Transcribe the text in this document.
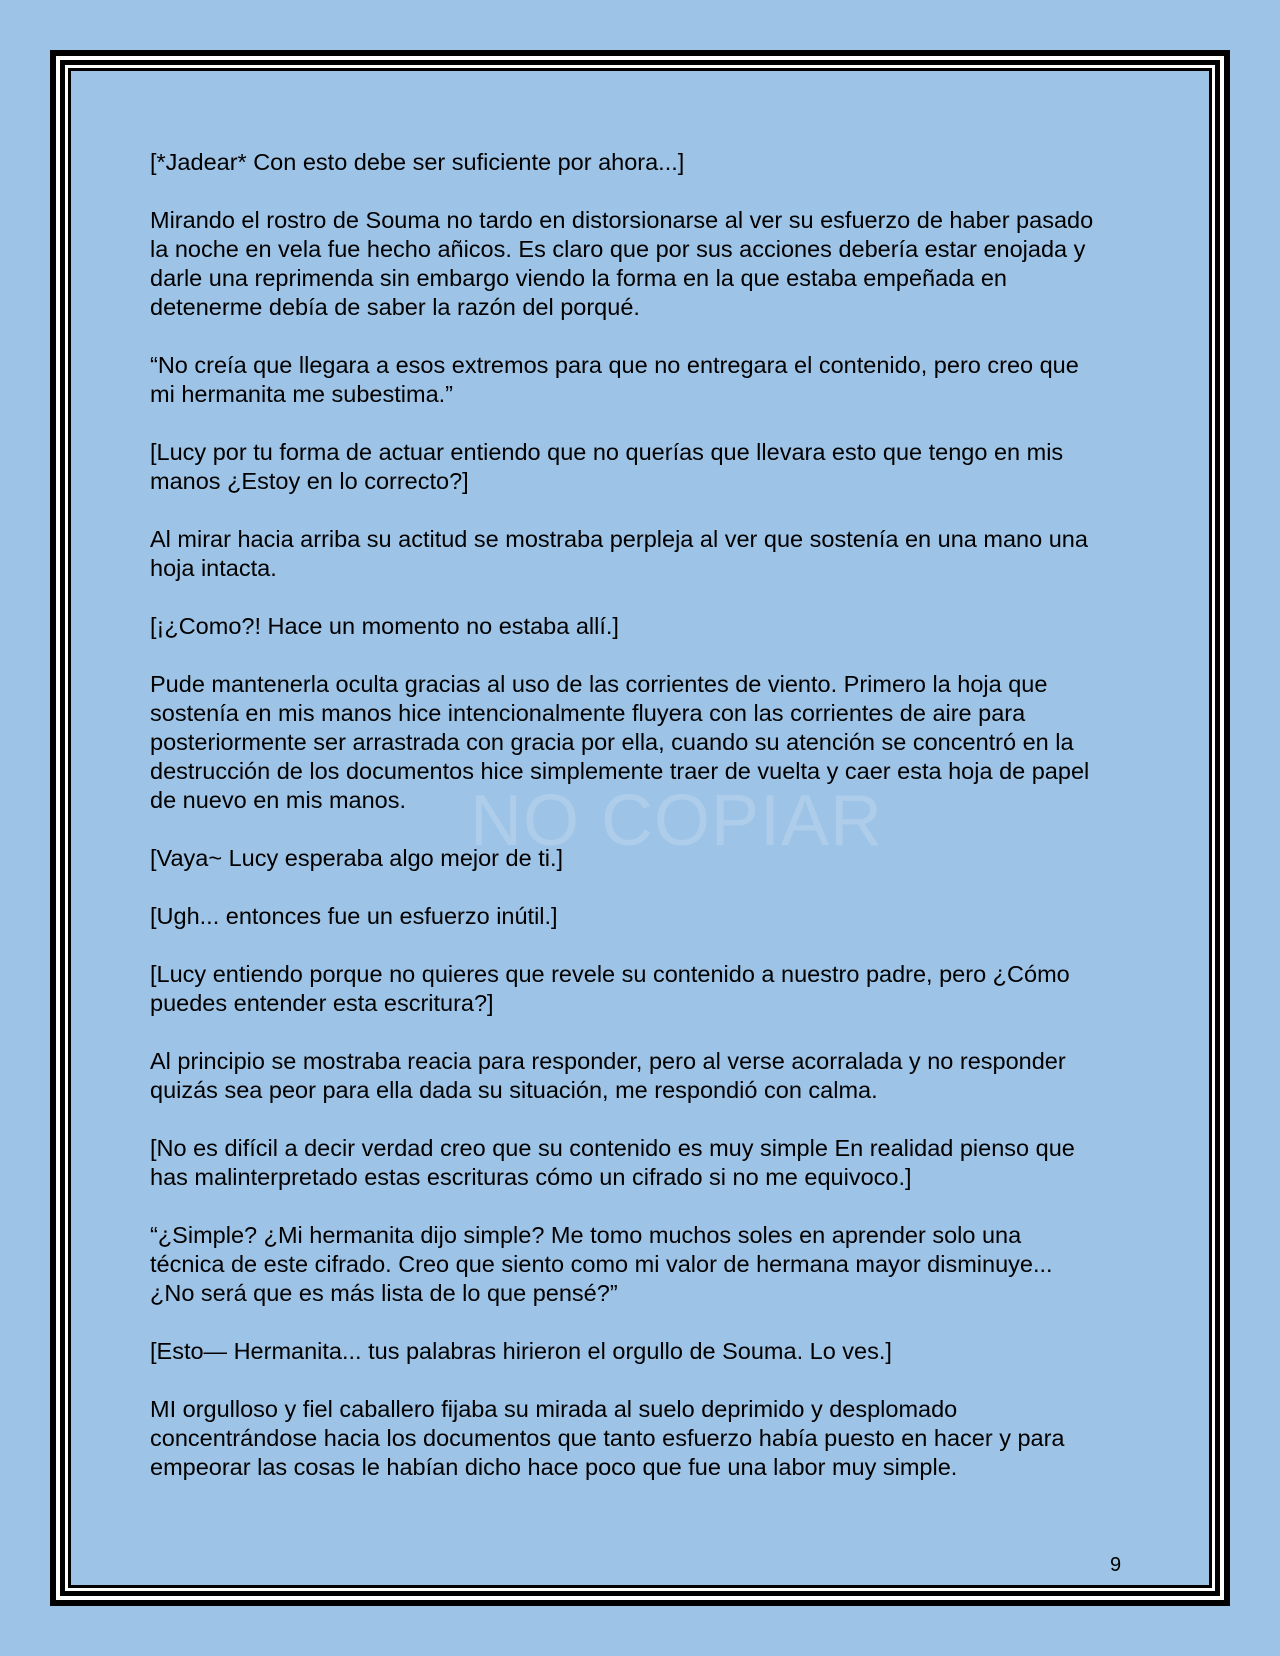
[*Jadear* Con esto debe ser suficiente por ahora...]

Mirando el rostro de Souma no tardo en distorsionarse al ver su esfuerzo de haber pasado la noche en vela fue hecho añicos. Es claro que por sus acciones debería estar enojada y darle una reprimenda sin embargo viendo la forma en la que estaba empeñada en detenerme debía de saber la razón del porqué.

“No creía que llegara a esos extremos para que no entregara el contenido, pero creo que mi hermanita me subestima.”

[Lucy por tu forma de actuar entiendo que no querías que llevara esto que tengo en mis manos ¿Estoy en lo correcto?]

Al mirar hacia arriba su actitud se mostraba perpleja al ver que sostenía en una mano una hoja intacta.

[¡¿Como?! Hace un momento no estaba allí.]

Pude mantenerla oculta gracias al uso de las corrientes de viento. Primero la hoja que sostenía en mis manos hice intencionalmente fluyera con las corrientes de aire para posteriormente ser arrastrada con gracia por ella, cuando su atención se concentró en la destrucción de los documentos hice simplemente traer de vuelta y caer esta hoja de papel de nuevo en mis manos.

[Vaya~ Lucy esperaba algo mejor de ti.]

[Ugh... entonces fue un esfuerzo inútil.]

[Lucy entiendo porque no quieres que revele su contenido a nuestro padre, pero ¿Cómo puedes entender esta escritura?]

Al principio se mostraba reacia para responder, pero al verse acorralada y no responder quizás sea peor para ella dada su situación, me respondió con calma.

[No es difícil a decir verdad creo que su contenido es muy simple En realidad pienso que has malinterpretado estas escrituras cómo un cifrado si no me equivoco.]

“¿Simple? ¿Mi hermanita dijo simple? Me tomo muchos soles en aprender solo una técnica de este cifrado. Creo que siento como mi valor de hermana mayor disminuye... ¿No será que es más lista de lo que pensé?”

[Esto— Hermanita... tus palabras hirieron el orgullo de Souma. Lo ves.]

MI orgulloso y fiel caballero fijaba su mirada al suelo deprimido y desplomado concentrándose hacia los documentos que tanto esfuerzo había puesto en hacer y para empeorar las cosas le habían dicho hace poco que fue una labor muy simple.

NO COPIAR
9
